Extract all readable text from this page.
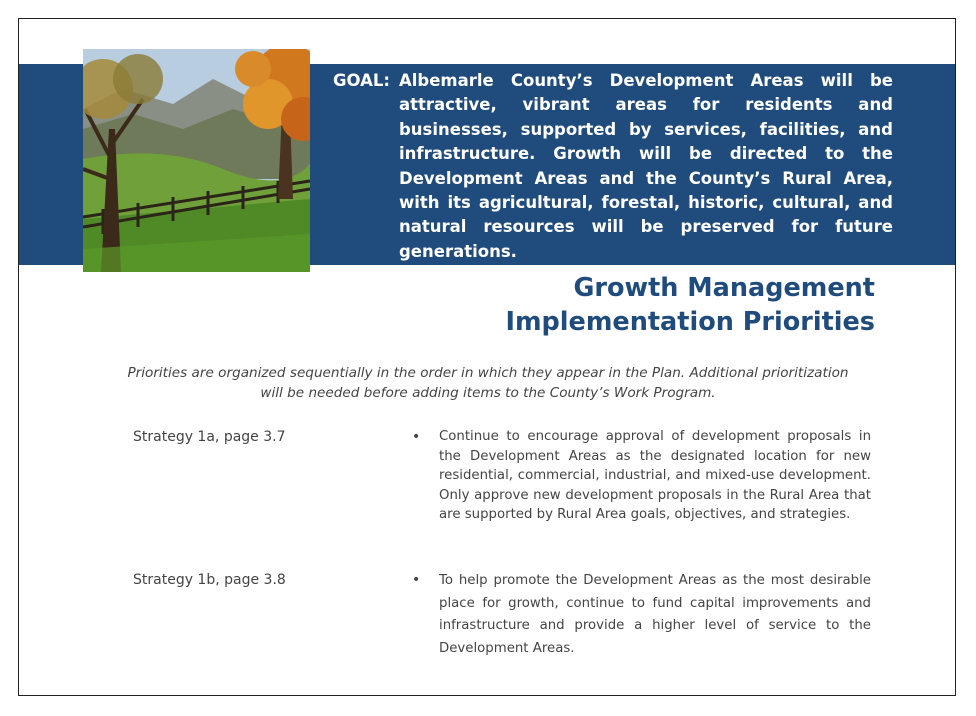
GOAL: Albemarle County’s Development Areas will be attractive, vibrant areas for residents and businesses, supported by services, facilities, and infrastructure. Growth will be directed to the Development Areas and the County’s Rural Area, with its agricultural, forestal, historic, cultural, and natural resources will be preserved for future generations.
Growth Management
Implementation Priorities
Priorities are organized sequentially in the order in which they appear in the Plan. Additional prioritization will be needed before adding items to the County’s Work Program.
Strategy 1a, page 3.7	• Continue to encourage approval of development proposals in the Development Areas as the designated location for new residential, commercial, industrial, and mixed-use development. Only approve new development proposals in the Rural Area that are supported by Rural Area goals, objectives, and strategies.
Strategy 1b, page 3.8	• To help promote the Development Areas as the most desirable place for growth, continue to fund capital improvements and infrastructure and provide a higher level of service to the Development Areas.
